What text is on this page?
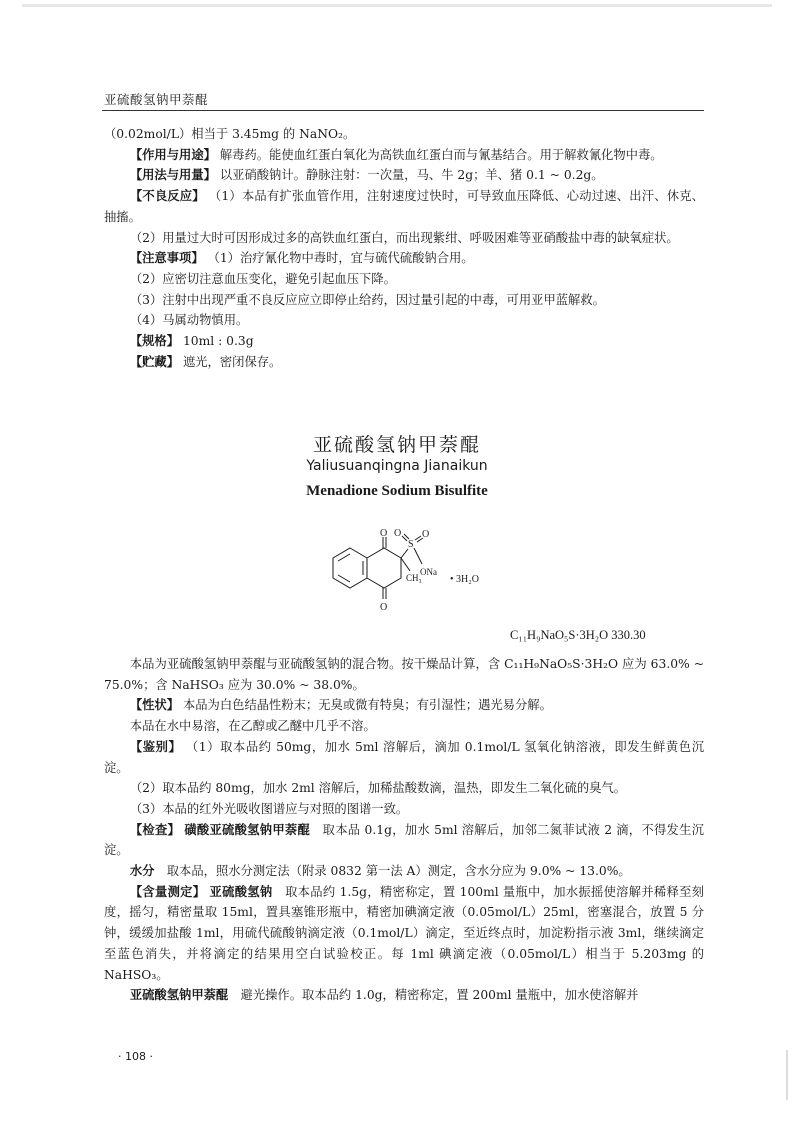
亚硫酸氢钠甲萘醌

（0.02mol/L）相当于 3.45mg 的 NaNO₂。

【作用与用途】 解毒药。能使血红蛋白氧化为高铁血红蛋白而与氰基结合。用于解救氰化物中毒。

【用法与用量】 以亚硝酸钠计。静脉注射：一次量，马、牛 2g；羊、猪 0.1 ~ 0.2g。

【不良反应】 （1）本品有扩张血管作用，注射速度过快时，可导致血压降低、心动过速、出汗、休克、抽搐。

（2）用量过大时可因形成过多的高铁血红蛋白，而出现紫绀、呼吸困难等亚硝酸盐中毒的缺氧症状。

【注意事项】 （1）治疗氰化物中毒时，宜与硫代硫酸钠合用。

（2）应密切注意血压变化，避免引起血压下降。

（3）注射中出现严重不良反应应立即停止给药，因过量引起的中毒，可用亚甲蓝解救。

（4）马属动物慎用。

【规格】 10ml : 0.3g

【贮藏】 遮光，密闭保存。

亚硫酸氢钠甲萘醌
Yaliusuanqingna Jianaikun
Menadione Sodium Bisulfite
O
O
S
O O
ONa
CH₃	• 3H₂O
C₁₁H₉NaO₅S·3H₂O 330.30

本品为亚硫酸氢钠甲萘醌与亚硫酸氢钠的混合物。按干燥品计算，含 C₁₁H₉NaO₅S·3H₂O 应为 63.0% ~ 75.0%；含 NaHSO₃ 应为 30.0% ~ 38.0%。

【性状】 本品为白色结晶性粉末；无臭或微有特臭；有引湿性；遇光易分解。

本品在水中易溶，在乙醇或乙醚中几乎不溶。

【鉴别】 （1）取本品约 50mg，加水 5ml 溶解后，滴加 0.1mol/L 氢氧化钠溶液，即发生鲜黄色沉淀。

（2）取本品约 80mg，加水 2ml 溶解后，加稀盐酸数滴，温热，即发生二氧化硫的臭气。

（3）本品的红外光吸收图谱应与对照的图谱一致。

【检查】 磺酸亚硫酸氢钠甲萘醌　 取本品 0.1g，加水 5ml 溶解后，加邻二氮菲试液 2 滴，不得发生沉淀。

水分　 取本品，照水分测定法（附录 0832 第一法 A）测定，含水分应为 9.0% ~ 13.0%。

【含量测定】 亚硫酸氢钠　 取本品约 1.5g，精密称定，置 100ml 量瓶中，加水振摇使溶解并稀释至刻度，摇匀，精密量取 15ml，置具塞锥形瓶中，精密加碘滴定液（0.05mol/L）25ml，密塞混合，放置 5 分钟，缓缓加盐酸 1ml，用硫代硫酸钠滴定液（0.1mol/L）滴定，至近终点时，加淀粉指示液 3ml，继续滴定至蓝色消失，并将滴定的结果用空白试验校正。每 1ml 碘滴定液（0.05mol/L）相当于 5.203mg 的 NaHSO₃。

亚硫酸氢钠甲萘醌　 避光操作。取本品约 1.0g，精密称定，置 200ml 量瓶中，加水使溶解并

· 108 ·
